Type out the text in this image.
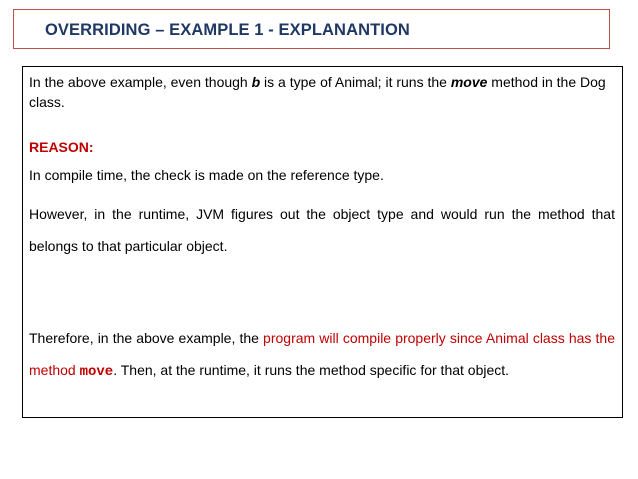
OVERRIDING – EXAMPLE 1 - EXPLANANTION
In the above example, even though b is a type of Animal; it runs the move method in the Dog class.
REASON:
In compile time, the check is made on the reference type.
However, in the runtime, JVM figures out the object type and would run the method that belongs to that particular object.
Therefore, in the above example, the program will compile properly since Animal class has the method move. Then, at the runtime, it runs the method specific for that object.
